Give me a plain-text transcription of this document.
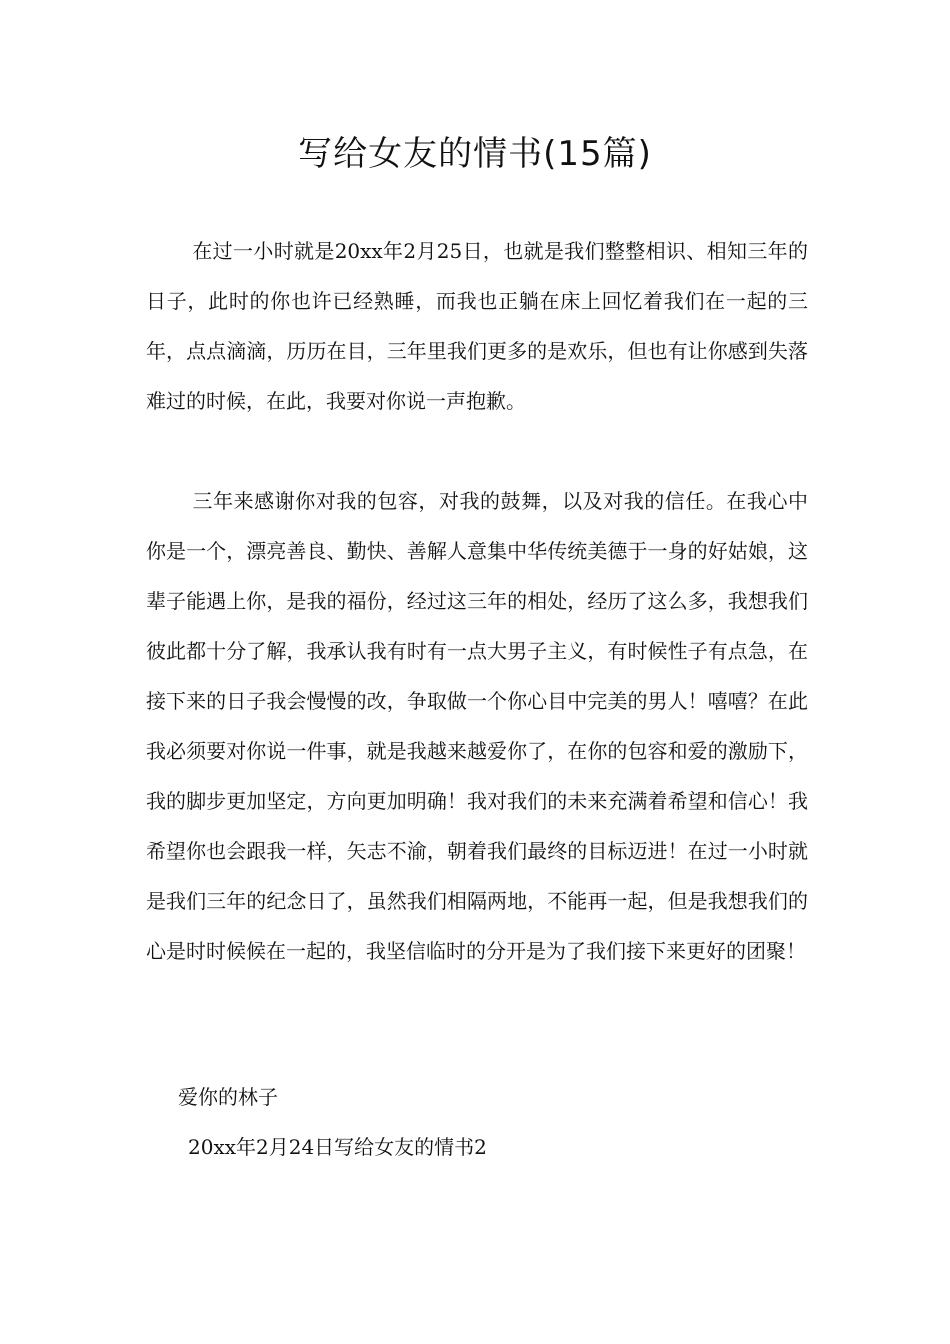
写给女友的情书(15篇)

在过一小时就是20xx年2月25日，也就是我们整整相识、相知三年的日子，此时的你也许已经熟睡，而我也正躺在床上回忆着我们在一起的三年，点点滴滴，历历在目，三年里我们更多的是欢乐，但也有让你感到失落难过的时候，在此，我要对你说一声抱歉。

三年来感谢你对我的包容，对我的鼓舞，以及对我的信任。在我心中你是一个，漂亮善良、勤快、善解人意集中华传统美德于一身的好姑娘，这辈子能遇上你，是我的福份，经过这三年的相处，经历了这么多，我想我们彼此都十分了解，我承认我有时有一点大男子主义，有时候性子有点急，在接下来的日子我会慢慢的改，争取做一个你心目中完美的男人！嘻嘻？在此我必须要对你说一件事，就是我越来越爱你了，在你的包容和爱的激励下，我的脚步更加坚定，方向更加明确！我对我们的未来充满着希望和信心！我希望你也会跟我一样，矢志不渝，朝着我们最终的目标迈进！在过一小时就是我们三年的纪念日了，虽然我们相隔两地，不能再一起，但是我想我们的心是时时候候在一起的，我坚信临时的分开是为了我们接下来更好的团聚！

爱你的林子

20xx年2月24日写给女友的情书2
